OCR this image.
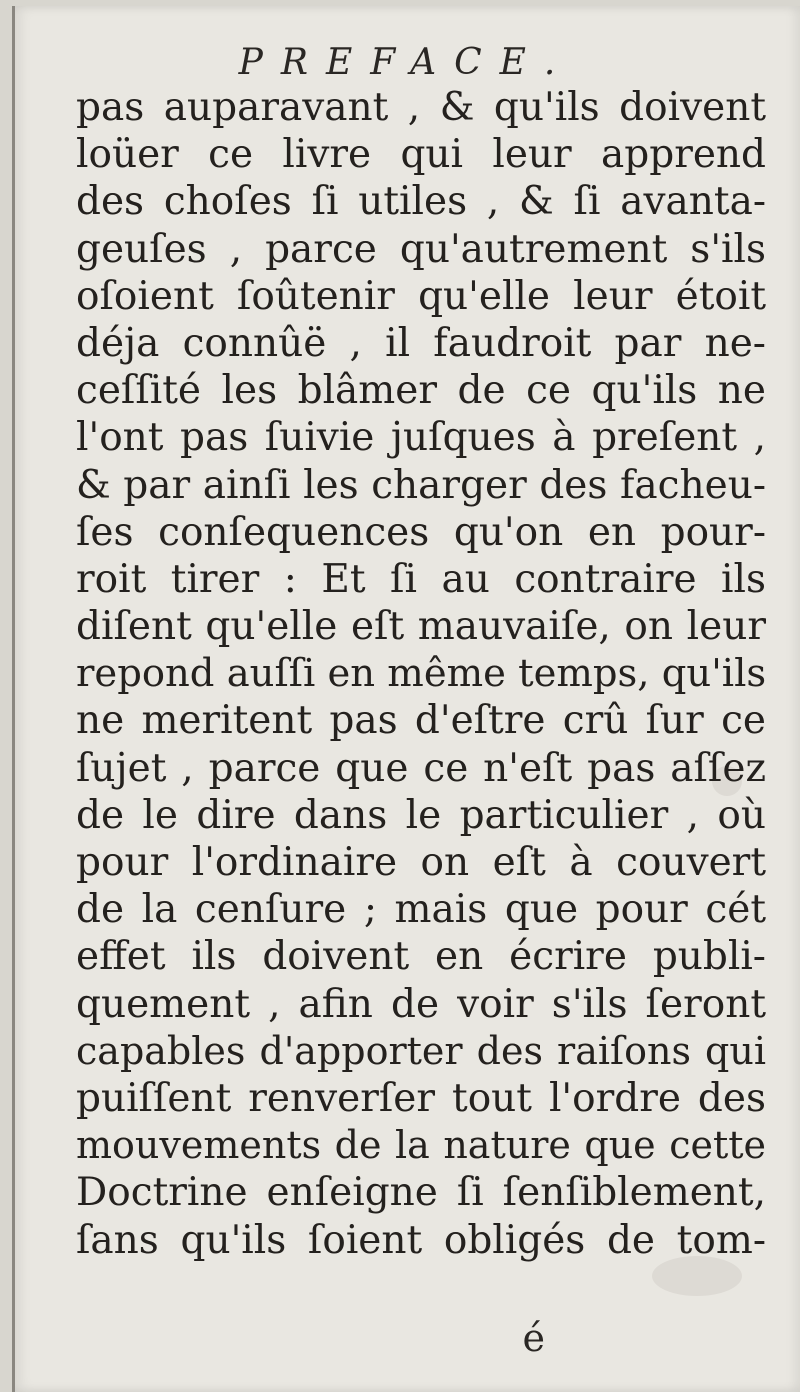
PREFACE.
pas auparavant , & qu'ils doivent
loüer ce livre qui leur apprend
des choſes ſi utiles , & ſi avanta-
geuſes , parce qu'autrement s'ils
oſoient ſoûtenir qu'elle leur étoit
déja connûë , il faudroit par ne-
ceſſité les blâmer de ce qu'ils ne
l'ont pas ſuivie juſques à preſent ,
& par ainſi les charger des facheu-
ſes conſequences qu'on en pour-
roit tirer : Et ſi au contraire ils
diſent qu'elle eſt mauvaiſe, on leur
repond auſſi en même temps, qu'ils
ne meritent pas d'eſtre crû ſur ce
ſujet , parce que ce n'eſt pas aſſez
de le dire dans le particulier , où
pour l'ordinaire on eſt à couvert
de la cenſure ; mais que pour cét
effet ils doivent en écrire publi-
quement , afin de voir s'ils ſeront
capables d'apporter des raiſons qui
puiſſent renverſer tout l'ordre des
mouvements de la nature que cette
Doctrine enſeigne ſi ſenſiblement,
ſans qu'ils ſoient obligés de tom-
é
